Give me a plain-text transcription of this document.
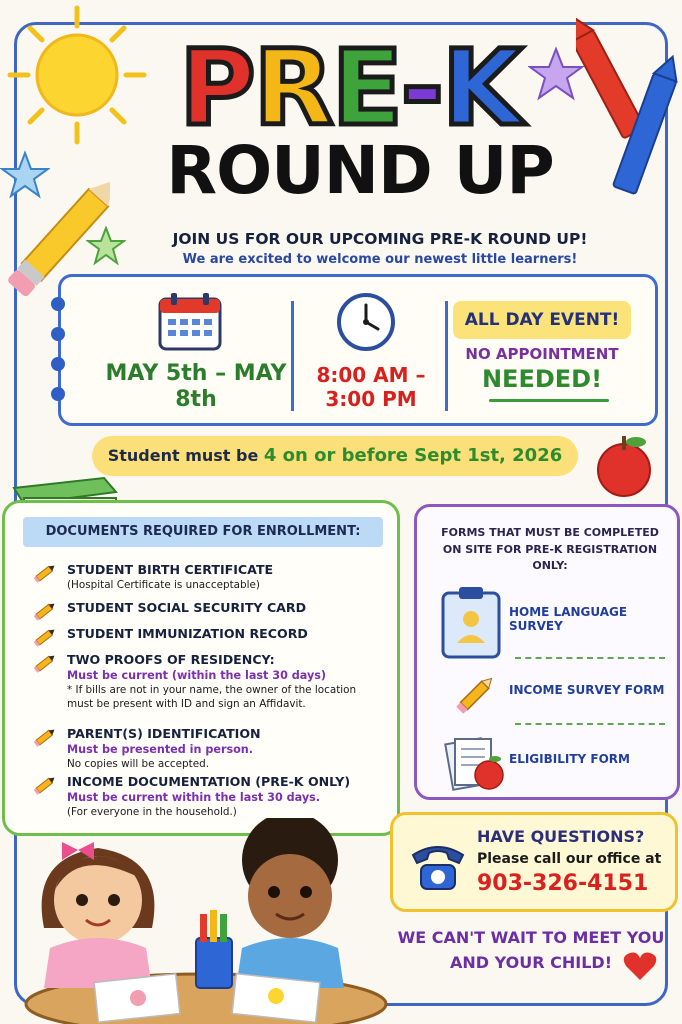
P R E - K
ROUND UP
JOIN US FOR OUR UPCOMING PRE-K ROUND UP!
We are excited to welcome our newest little learners!
MAY 5th – MAY 8th
8:00 AM – 3:00 PM
ALL DAY EVENT!
NO APPOINTMENT
NEEDED!
Student must be 4 on or before Sept 1st, 2026
DOCUMENTS REQUIRED FOR ENROLLMENT:
STUDENT BIRTH CERTIFICATE
(Hospital Certificate is unacceptable)
STUDENT SOCIAL SECURITY CARD
STUDENT IMMUNIZATION RECORD
TWO PROOFS OF RESIDENCY:
Must be current (within the last 30 days)
* If bills are not in your name, the owner of the location must be present with ID and sign an Affidavit.
PARENT(S) IDENTIFICATION
Must be presented in person.
No copies will be accepted.
INCOME DOCUMENTATION (PRE-K ONLY)
Must be current within the last 30 days.
(For everyone in the household.)
FORMS THAT MUST BE COMPLETED ON SITE FOR PRE-K REGISTRATION ONLY:
HOME LANGUAGE SURVEY
INCOME SURVEY FORM
ELIGIBILITY FORM
HAVE QUESTIONS?
Please call our office at
903-326-4151
WE CAN'T WAIT TO MEET YOU AND YOUR CHILD!
